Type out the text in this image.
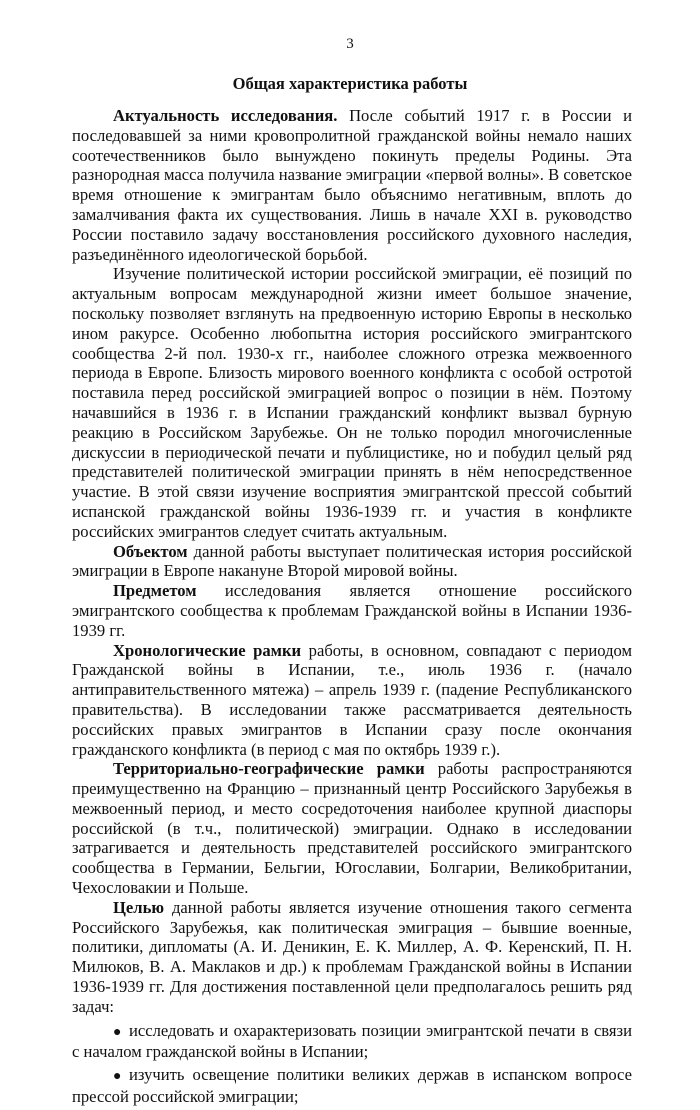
3
Общая характеристика работы

Актуальность исследования. После событий 1917 г. в России и последовавшей за ними кровопролитной гражданской войны немало наших соотечественников было вынуждено покинуть пределы Родины. Эта разнородная масса получила название эмиграции «первой волны». В советское время отношение к эмигрантам было объяснимо негативным, вплоть до замалчивания факта их существования. Лишь в начале XXI в. руководство России поставило задачу восстановления российского духовного наследия, разъединённого идеологической борьбой.

Изучение политической истории российской эмиграции, её позиций по актуальным вопросам международной жизни имеет большое значение, поскольку позволяет взглянуть на предвоенную историю Европы в несколько ином ракурсе. Особенно любопытна история российского эмигрантского сообщества 2-й пол. 1930-х гг., наиболее сложного отрезка межвоенного периода в Европе. Близость мирового военного конфликта с особой остротой поставила перед российской эмиграцией вопрос о позиции в нём. Поэтому начавшийся в 1936 г. в Испании гражданский конфликт вызвал бурную реакцию в Российском Зарубежье. Он не только породил многочисленные дискуссии в периодической печати и публицистике, но и побудил целый ряд представителей политической эмиграции принять в нём непосредственное участие. В этой связи изучение восприятия эмигрантской прессой событий испанской гражданской войны 1936-1939 гг. и участия в конфликте российских эмигрантов следует считать актуальным.

Объектом данной работы выступает политическая история российской эмиграции в Европе накануне Второй мировой войны.

Предметом исследования является отношение российского эмигрантского сообщества к проблемам Гражданской войны в Испании 1936-1939 гг.

Хронологические рамки работы, в основном, совпадают с периодом Гражданской войны в Испании, т.е., июль 1936 г. (начало антиправительственного мятежа) – апрель 1939 г. (падение Республиканского правительства). В исследовании также рассматривается деятельность российских правых эмигрантов в Испании сразу после окончания гражданского конфликта (в период с мая по октябрь 1939 г.).

Территориально-географические рамки работы распространяются преимущественно на Францию – признанный центр Российского Зарубежья в межвоенный период, и место сосредоточения наиболее крупной диаспоры российской (в т.ч., политической) эмиграции. Однако в исследовании затрагивается и деятельность представителей российского эмигрантского сообщества в Германии, Бельгии, Югославии, Болгарии, Великобритании, Чехословакии и Польше.

Целью данной работы является изучение отношения такого сегмента Российского Зарубежья, как политическая эмиграция – бывшие военные, политики, дипломаты (А. И. Деникин, Е. К. Миллер, А. Ф. Керенский, П. Н. Милюков, В. А. Маклаков и др.) к проблемам Гражданской войны в Испании 1936-1939 гг. Для достижения поставленной цели предполагалось решить ряд задач:

● исследовать и охарактеризовать позиции эмигрантской печати в связи с началом гражданской войны в Испании;
● изучить освещение политики великих держав в испанском вопросе прессой российской эмиграции;
